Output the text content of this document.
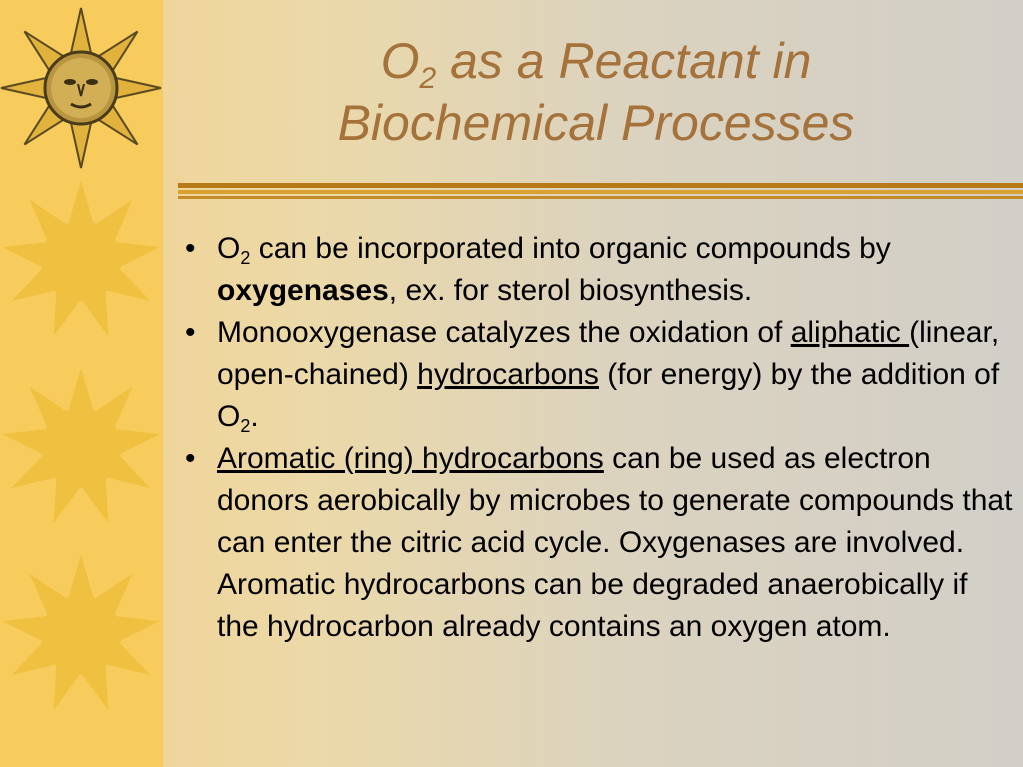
$O_2$ as a Reactant in
Biochemical Processes
• $O_2$ can be incorporated into organic compounds by oxygenases, ex. for sterol biosynthesis.
• Monooxygenase catalyzes the oxidation of aliphatic (linear, open-chained) hydrocarbons (for energy) by the addition of $O_2$.
• Aromatic (ring) hydrocarbons can be used as electron donors aerobically by microbes to generate compounds that can enter the citric acid cycle. Oxygenases are involved. Aromatic hydrocarbons can be degraded anaerobically if the hydrocarbon already contains an oxygen atom.
